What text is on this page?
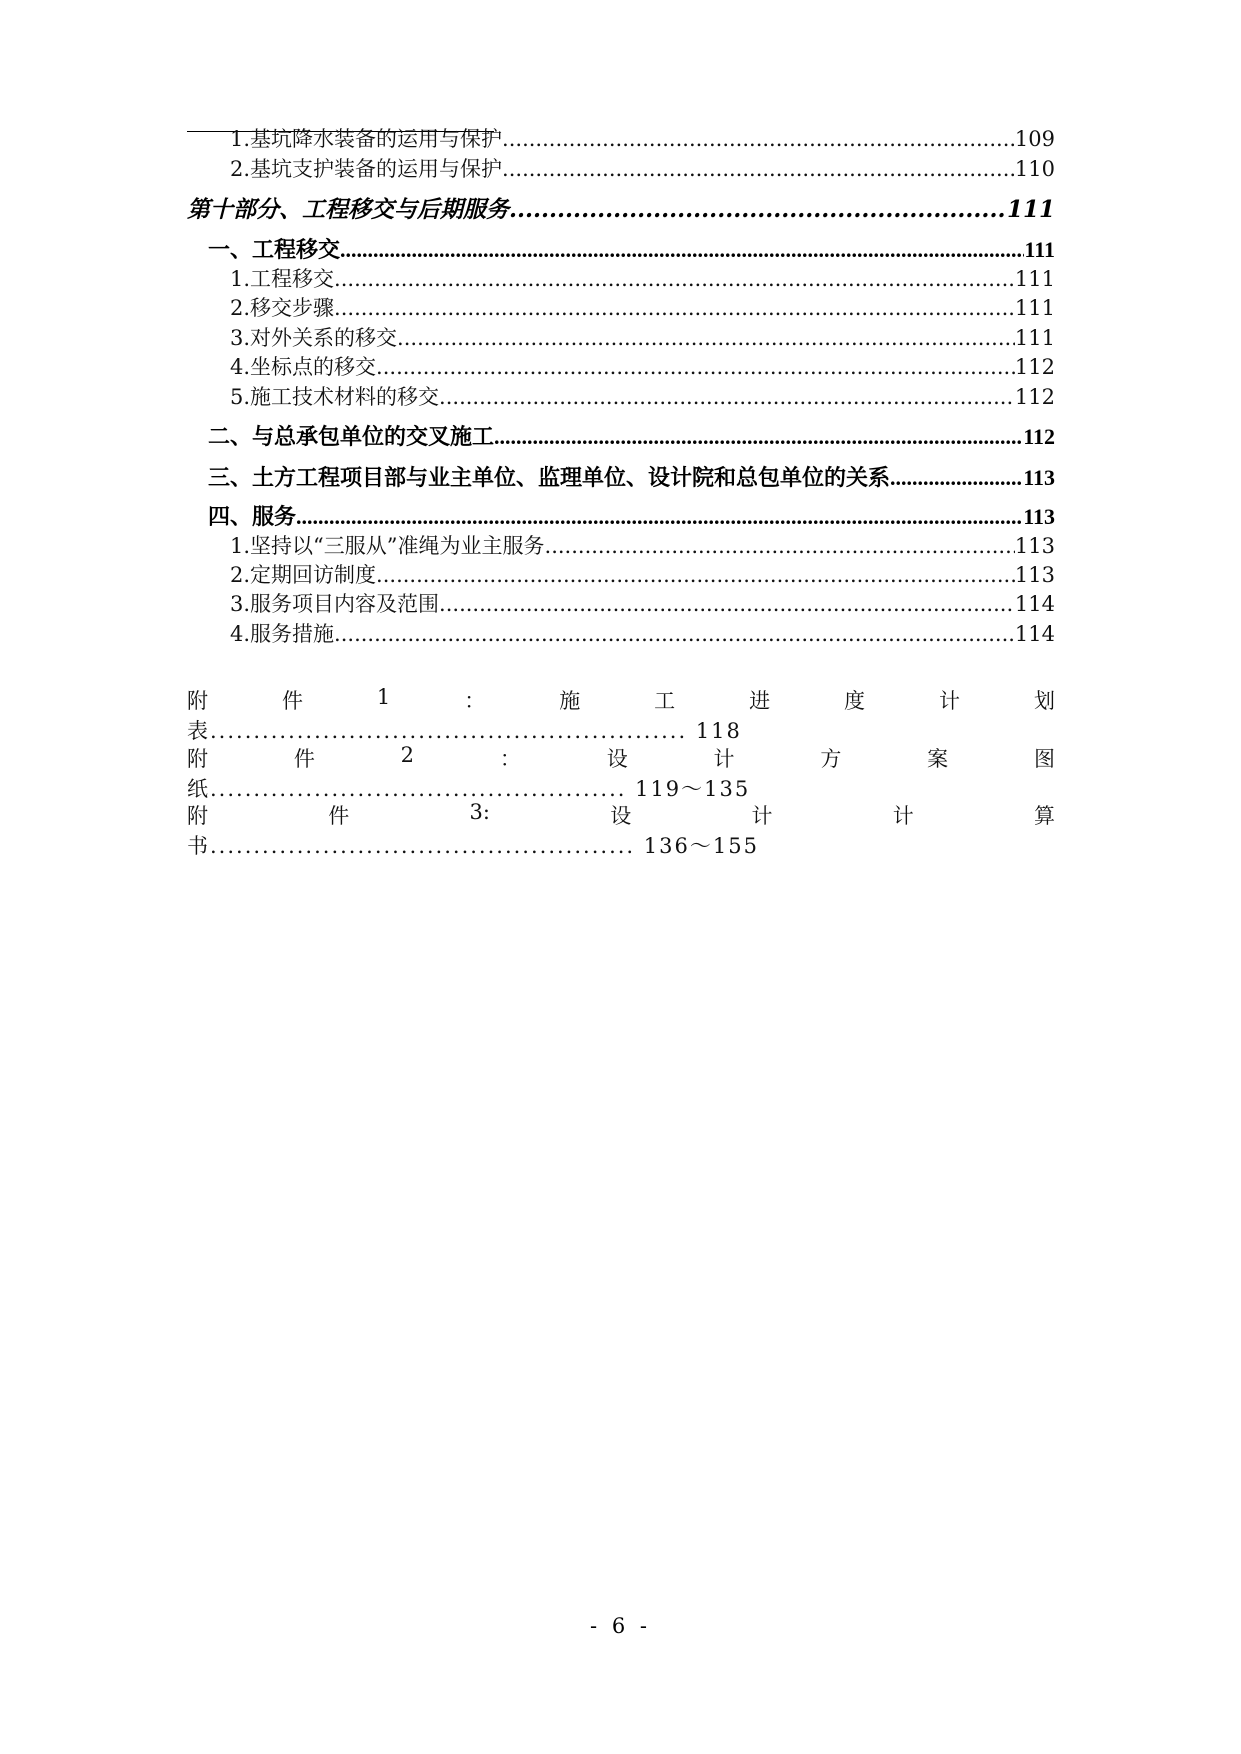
1.基坑降水装备的运用与保护 .....	109
2.基坑支护装备的运用与保护 .....	110
第十部分、工程移交与后期服务 .....	111
一、工程移交 .....	111
1.工程移交 .....	111
2.移交步骤 .....	111
3.对外关系的移交 .....	111
4.坐标点的移交 .....	112
5.施工技术材料的移交 .....	112
二、与总承包单位的交叉施工 .....	112
三、土方工程项目部与业主单位、监理单位、设计院和总包单位的关系 .....	113
四、服务 .....	113
1.坚持以“三服从”准绳为业主服务 .....	113
2.定期回访制度 .....	113
3.服务项目内容及范围 .....	114
4.服务措施 .....	114
附	件	1	：	施	工	进	度	计	划
表....................................................... 118
附	件	2	：	设	计	方	案	图
纸................................................ 119～135
附	件	3:	设	计	计	算
书................................................. 136～155
- 6 -
